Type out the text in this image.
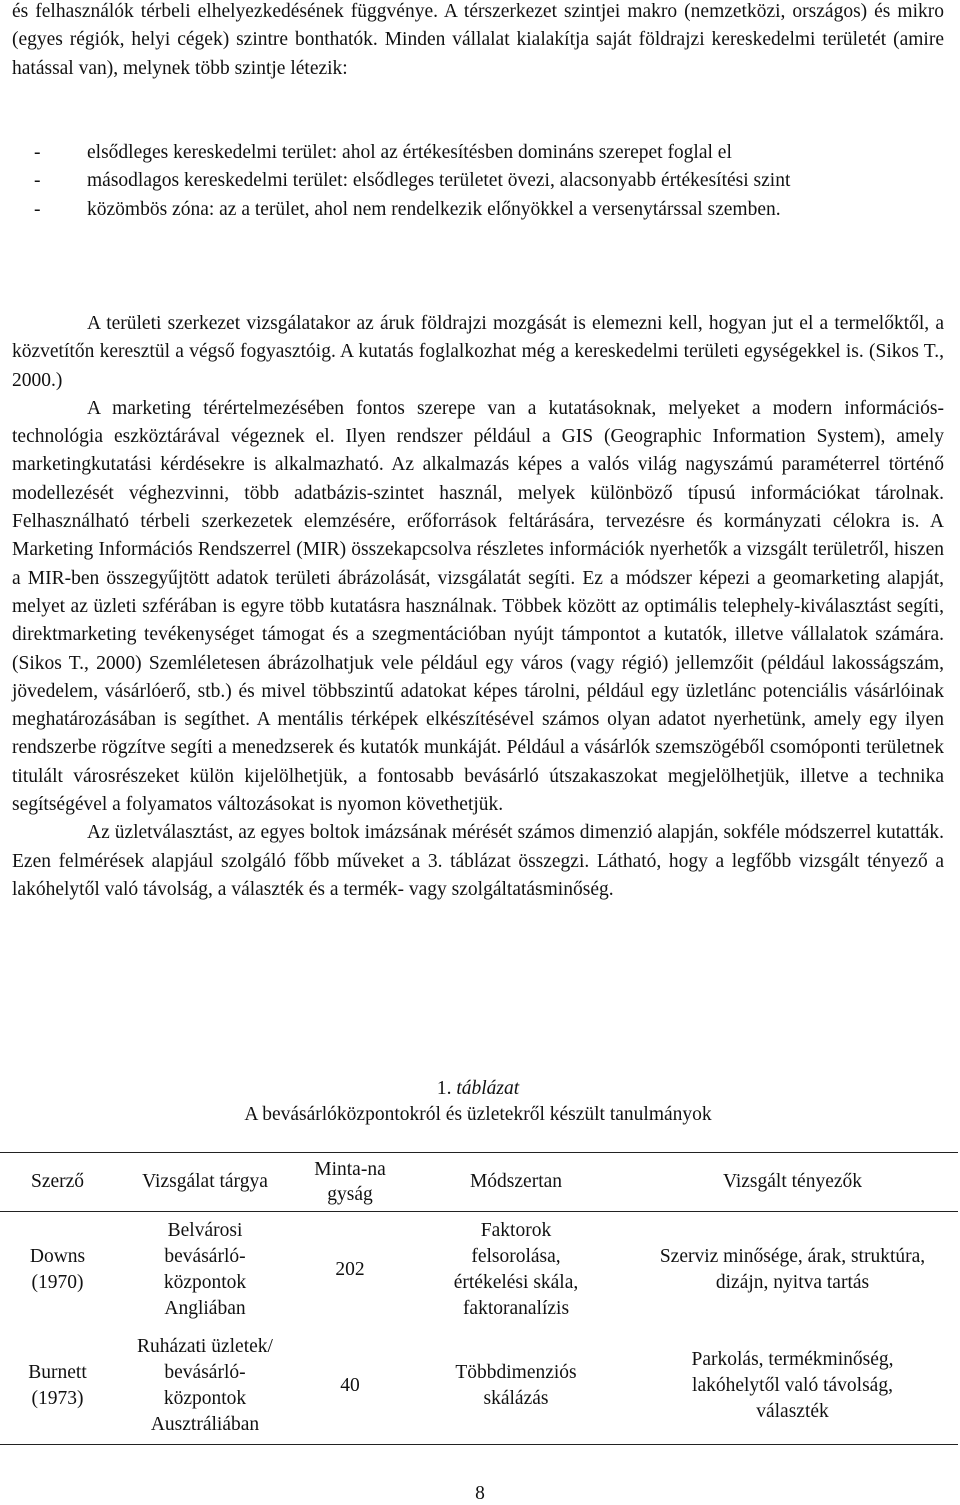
és felhasználók térbeli elhelyezkedésének függvénye. A térszerkezet szintjei makro (nemzetközi, országos) és mikro (egyes régiók, helyi cégek) szintre bonthatók. Minden vállalat kialakítja saját földrajzi kereskedelmi területét (amire hatással van), melynek több szintje létezik:

- elsődleges kereskedelmi terület: ahol az értékesítésben domináns szerepet foglal el
- másodlagos kereskedelmi terület: elsődleges területet övezi, alacsonyabb értékesítési szint
- közömbös zóna: az a terület, ahol nem rendelkezik előnyökkel a versenytárssal szemben.

A területi szerkezet vizsgálatakor az áruk földrajzi mozgását is elemezni kell, hogyan jut el a termelőktől, a közvetítőn keresztül a végső fogyasztóig. A kutatás foglalkozhat még a kereskedelmi területi egységekkel is. (Sikos T., 2000.)

A marketing térértelmezésében fontos szerepe van a kutatásoknak, melyeket a modern információs-technológia eszköztárával végeznek el. Ilyen rendszer például a GIS (Geographic Information System), amely marketingkutatási kérdésekre is alkalmazható. Az alkalmazás képes a valós világ nagyszámú paraméterrel történő modellezését véghezvinni, több adatbázis-szintet használ, melyek különböző típusú információkat tárolnak. Felhasználható térbeli szerkezetek elemzésére, erőforrások feltárására, tervezésre és kormányzati célokra is. A Marketing Információs Rendszerrel (MIR) összekapcsolva részletes információk nyerhetők a vizsgált területről, hiszen a MIR-ben összegyűjtött adatok területi ábrázolását, vizsgálatát segíti. Ez a módszer képezi a geomarketing alapját, melyet az üzleti szférában is egyre több kutatásra használnak. Többek között az optimális telephely-kiválasztást segíti, direktmarketing tevékenységet támogat és a szegmentációban nyújt támpontot a kutatók, illetve vállalatok számára. (Sikos T., 2000) Szemléletesen ábrázolhatjuk vele például egy város (vagy régió) jellemzőit (például lakosságszám, jövedelem, vásárlóerő, stb.) és mivel többszintű adatokat képes tárolni, például egy üzletlánc potenciális vásárlóinak meghatározásában is segíthet. A mentális térképek elkészítésével számos olyan adatot nyerhetünk, amely egy ilyen rendszerbe rögzítve segíti a menedzserek és kutatók munkáját. Például a vásárlók szemszögéből csomóponti területnek titulált városrészeket külön kijelölhetjük, a fontosabb bevásárló útszakaszokat megjelölhetjük, illetve a technika segítségével a folyamatos változásokat is nyomon követhetjük.

Az üzletválasztást, az egyes boltok imázsának mérését számos dimenzió alapján, sokféle módszerrel kutatták. Ezen felmérések alapjául szolgáló főbb műveket a 3. táblázat összegzi. Látható, hogy a legfőbb vizsgált tényező a lakóhelytől való távolság, a választék és a termék- vagy szolgáltatásminőség.

1. táblázat
A bevásárlóközpontokról és üzletekről készült tanulmányok
Szerző	Vizsgálat tárgya	Minta-nagyság	Módszertan	Vizsgált tényezők
Downs (1970)	Belvárosi bevásárló-központok Angliában	202	Faktorok felsorolása, értékelési skála, faktoranalízis	Szerviz minősége, árak, struktúra, dizájn, nyitva tartás
Burnett (1973)	Ruházati üzletek/ bevásárló-központok Ausztráliában	40	Többdimenziós skálázás	Parkolás, termékminőség, lakóhelytől való távolság, választék
8
